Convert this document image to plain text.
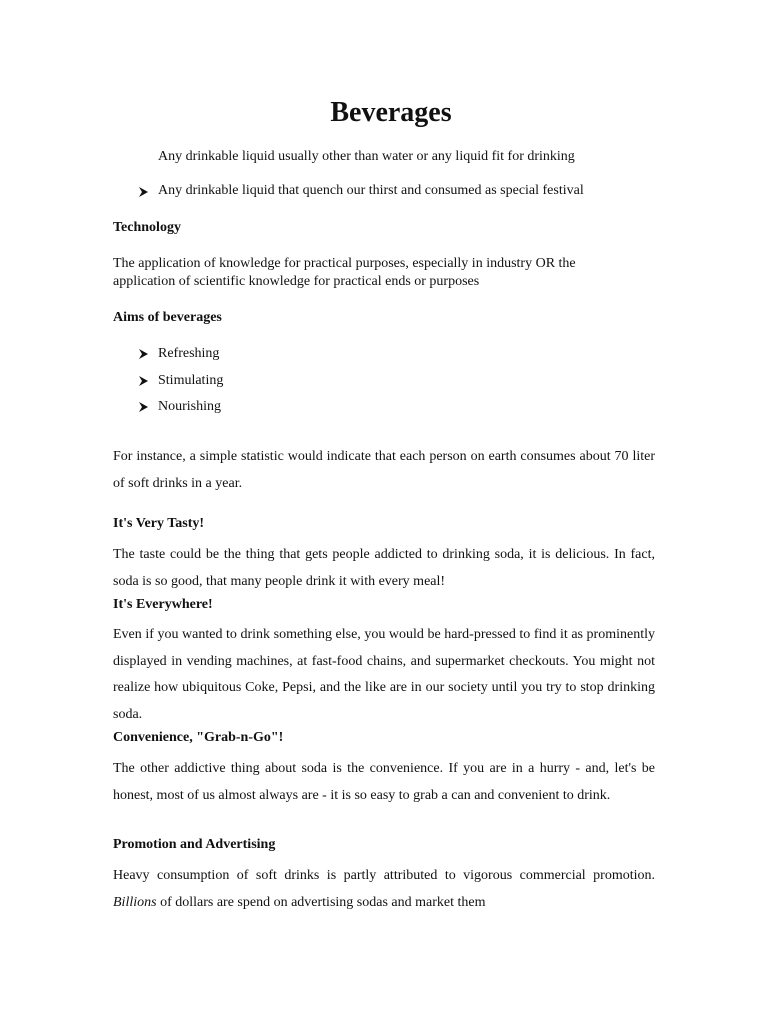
Beverages

Any drinkable liquid usually other than water or any liquid fit for drinking

Any drinkable liquid that quench our thirst and consumed as special festival

Technology

The application of knowledge for practical purposes, especially in industry OR the application of scientific knowledge for practical ends or purposes

Aims of beverages

Refreshing

Stimulating

Nourishing

For instance, a simple statistic would indicate that each person on earth consumes about 70 liter of soft drinks in a year.

It's Very Tasty!

The taste could be the thing that gets people addicted to drinking soda, it is delicious. In fact, soda is so good, that many people drink it with every meal!

It's Everywhere!

Even if you wanted to drink something else, you would be hard-pressed to find it as prominently displayed in vending machines, at fast-food chains, and supermarket checkouts. You might not realize how ubiquitous Coke, Pepsi, and the like are in our society until you try to stop drinking soda.

Convenience, "Grab-n-Go"!

The other addictive thing about soda is the convenience. If you are in a hurry - and, let's be honest, most of us almost always are - it is so easy to grab a can and convenient to drink.

Promotion and Advertising

Heavy consumption of soft drinks is partly attributed to vigorous commercial promotion. Billions of dollars are spend on advertising sodas and market them
